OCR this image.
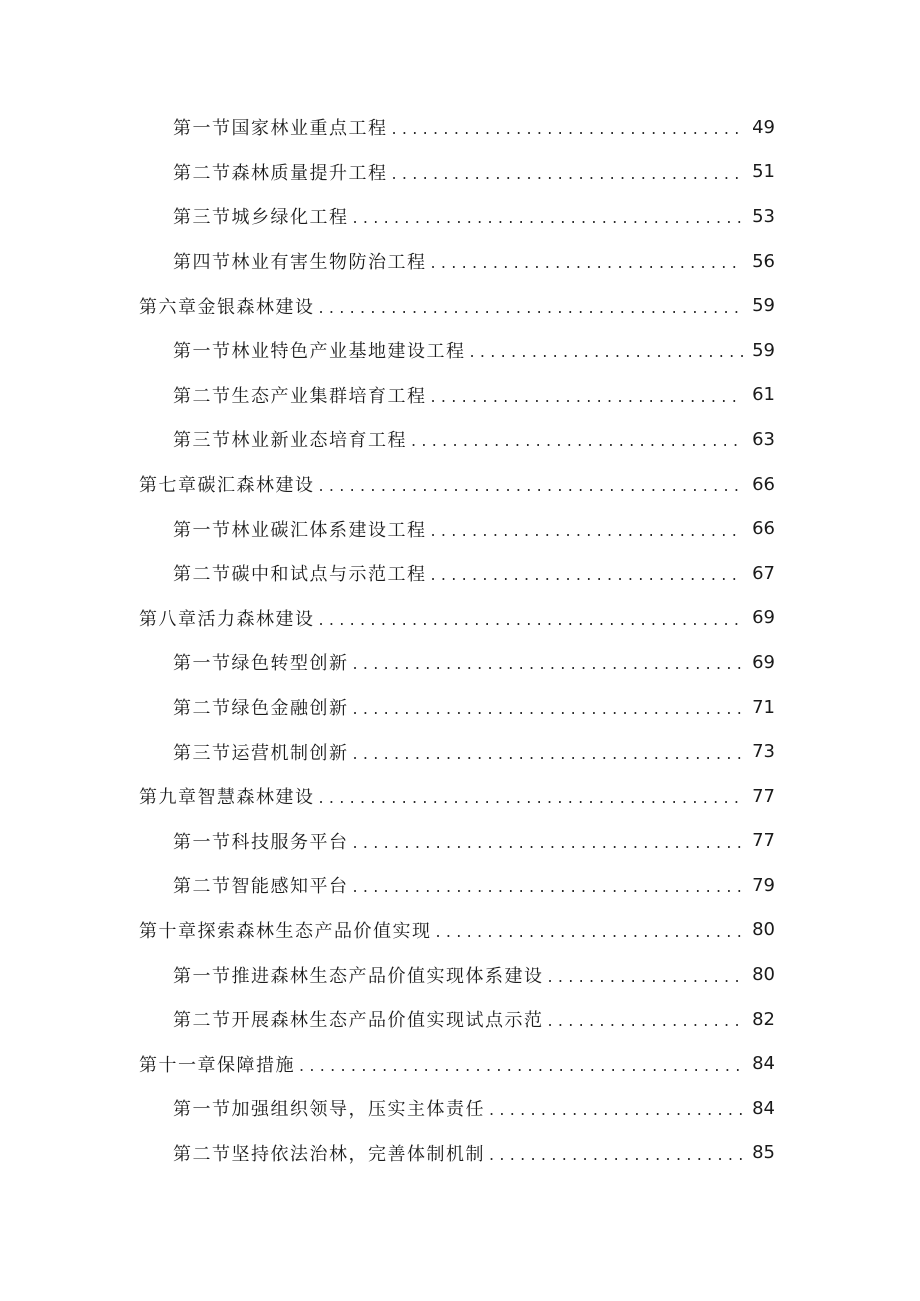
第一节国家林业重点工程 .....	49
第二节森林质量提升工程 .....	51
第三节城乡绿化工程 .....	53
第四节林业有害生物防治工程 .....	56
第六章金银森林建设 .....	59
第一节林业特色产业基地建设工程 .....	59
第二节生态产业集群培育工程 .....	61
第三节林业新业态培育工程 .....	63
第七章碳汇森林建设 .....	66
第一节林业碳汇体系建设工程 .....	66
第二节碳中和试点与示范工程 .....	67
第八章活力森林建设 .....	69
第一节绿色转型创新 .....	69
第二节绿色金融创新 .....	71
第三节运营机制创新 .....	73
第九章智慧森林建设 .....	77
第一节科技服务平台 .....	77
第二节智能感知平台 .....	79
第十章探索森林生态产品价值实现 .....	80
第一节推进森林生态产品价值实现体系建设 .....	80
第二节开展森林生态产品价值实现试点示范 .....	82
第十一章保障措施 .....	84
第一节加强组织领导，压实主体责任 .....	84
第二节坚持依法治林，完善体制机制 .....	85
